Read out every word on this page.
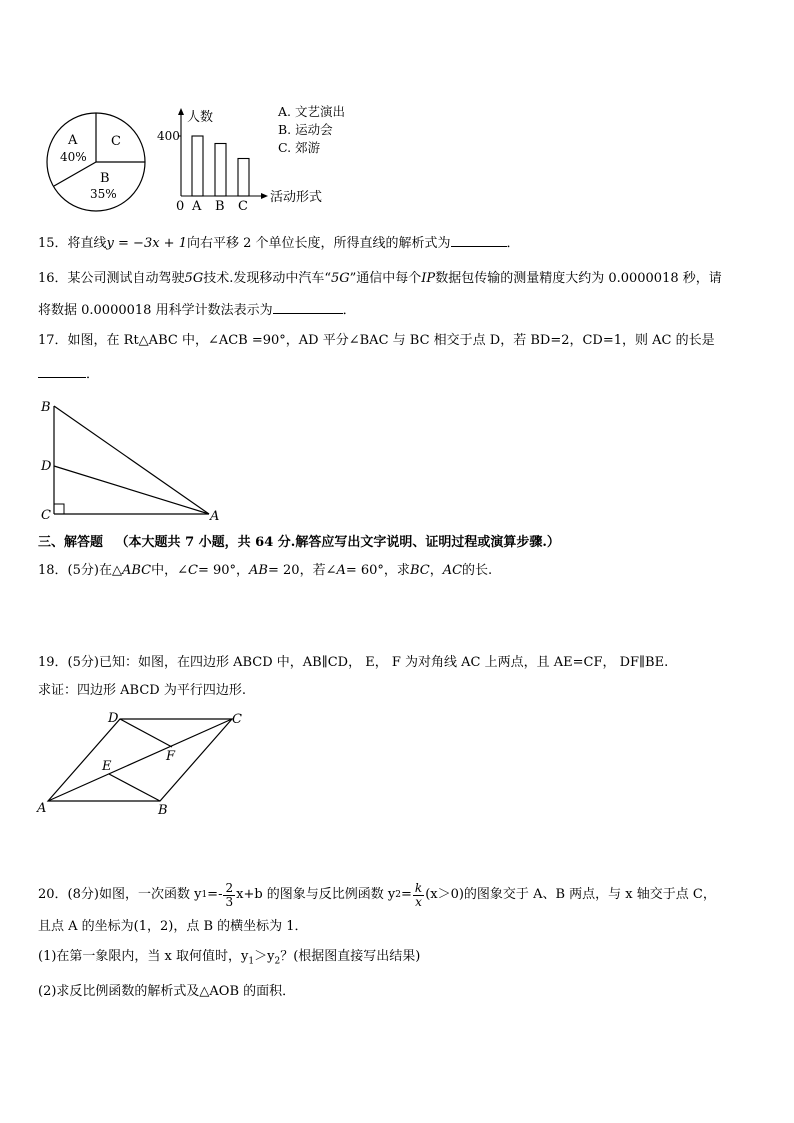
A
40%
C
B
35%
人数
400
0 A B C
活动形式
A. 文艺演出
B. 运动会
C. 郊游
15．将直线y = −3x + 1向右平移 2 个单位长度，所得直线的解析式为	．
16．某公司测试自动驾驶5G技术.发现移动中汽车“5G”通信中每个IP数据包传输的测量精度大约为 0.0000018 秒，请
将数据 0.0000018 用科学计数法表示为	．
17．如图，在 Rt△ABC 中，∠ACB =90°，AD 平分∠BAC 与 BC 相交于点 D，若 BD=2，CD=1，则 AC 的长是
．
B
D
C	A
三、解答题 （本大题共 7 小题，共 64 分.解答应写出文字说明、证明过程或演算步骤.）
18．(5分)在△ABC中，∠C= 90°，AB= 20，若∠A= 60°，求BC，AC的长.
19．(5分)已知：如图，在四边形 ABCD 中，AB∥CD， E， F 为对角线 AC 上两点，且 AE=CF， DF∥BE.
求证：四边形 ABCD 为平行四边形.
D	C
F
E
A	B
20．(8分)如图，一次函数 y $1 =- \frac{2}{3} x+b$ 的图象与反比例函数 y $2 = \frac{k}{x} (x>0)$的图象交于 A、B 两点，与 x 轴交于点 C，
且点 A 的坐标为(1，2)，点 B 的横坐标为 1．
(1)在第一象限内，当 x 取何值时，$y_1>y_2$？(根据图直接写出结果)
(2)求反比例函数的解析式及△AOB 的面积．
